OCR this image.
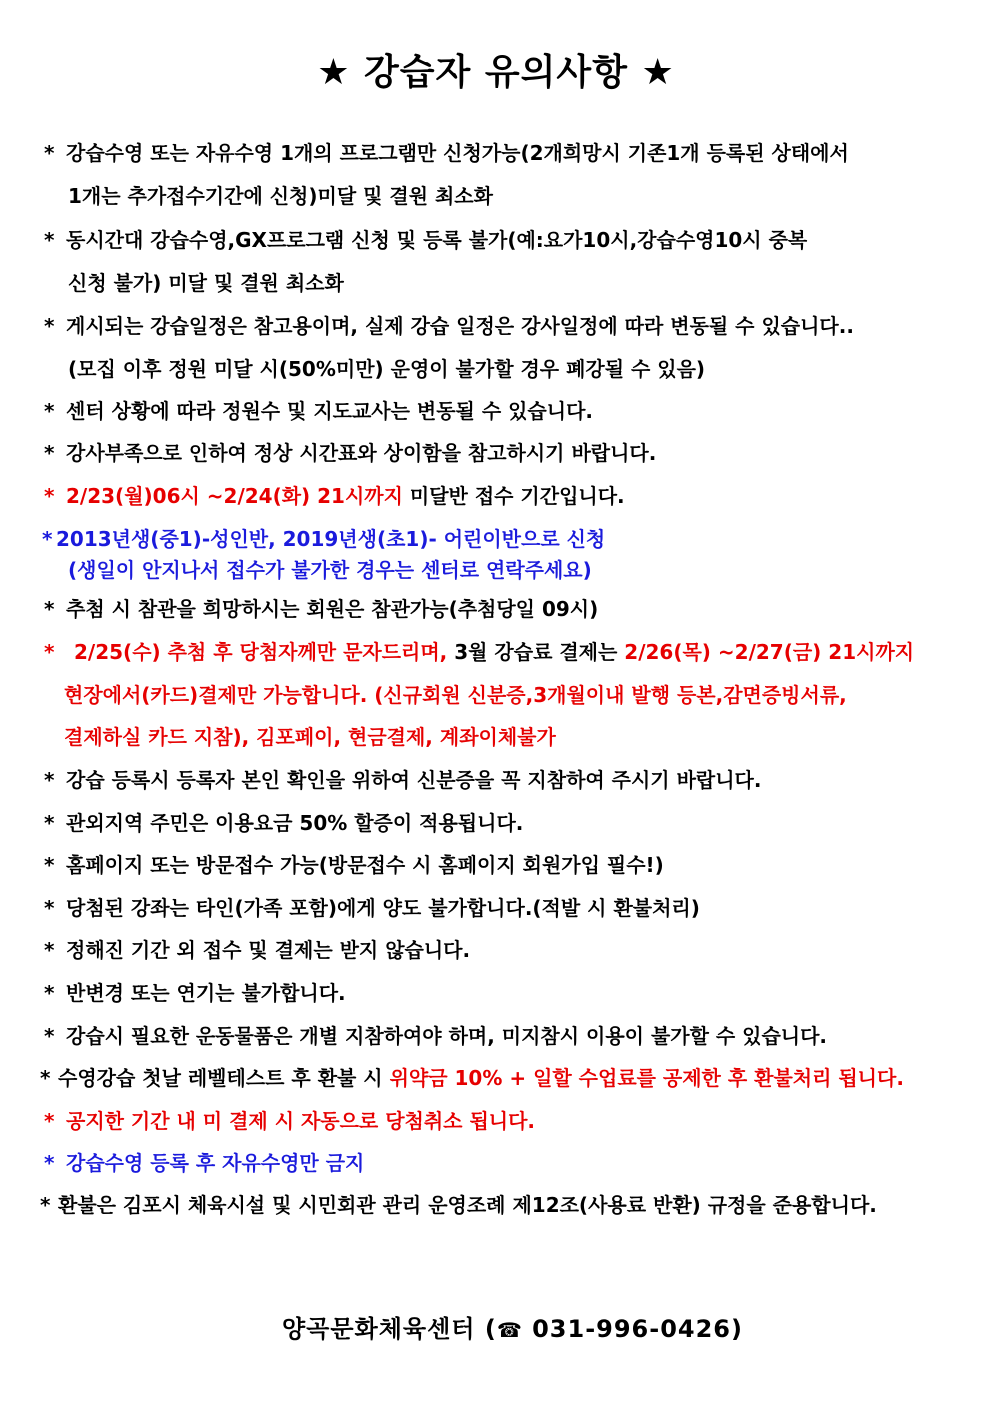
★ 강습자 유의사항 ★
* 강습수영 또는 자유수영 1개의 프로그램만 신청가능(2개희망시 기존1개 등록된 상태에서
1개는 추가접수기간에 신청)미달 및 결원 최소화
* 동시간대 강습수영,GX프로그램 신청 및 등록 불가(예:요가10시,강습수영10시 중복
신청 불가) 미달 및 결원 최소화
* 게시되는 강습일정은 참고용이며, 실제 강습 일정은 강사일정에 따라 변동될 수 있습니다..
(모집 이후 정원 미달 시(50%미만) 운영이 불가할 경우 폐강될 수 있음)
* 센터 상황에 따라 정원수 및 지도교사는 변동될 수 있습니다.
* 강사부족으로 인하여 정상 시간표와 상이함을 참고하시기 바랍니다.
* 2/23(월)06시 ~2/24(화) 21시까지 미달반 접수 기간입니다.
* 2013년생(중1)-성인반, 2019년생(초1)- 어린이반으로 신청
(생일이 안지나서 접수가 불가한 경우는 센터로 연락주세요)
* 추첨 시 참관을 희망하시는 회원은 참관가능(추첨당일 09시)
* 2/25(수) 추첨 후 당첨자께만 문자드리며, 3월 강습료 결제는 2/26(목) ~2/27(금) 21시까지
현장에서(카드)결제만 가능합니다. (신규회원 신분증,3개월이내 발행 등본,감면증빙서류,
결제하실 카드 지참), 김포페이, 현금결제, 계좌이체불가
* 강습 등록시 등록자 본인 확인을 위하여 신분증을 꼭 지참하여 주시기 바랍니다.
* 관외지역 주민은 이용요금 50% 할증이 적용됩니다.
* 홈페이지 또는 방문접수 가능(방문접수 시 홈페이지 회원가입 필수!)
* 당첨된 강좌는 타인(가족 포함)에게 양도 불가합니다.(적발 시 환불처리)
* 정해진 기간 외 접수 및 결제는 받지 않습니다.
* 반변경 또는 연기는 불가합니다.
* 강습시 필요한 운동물품은 개별 지참하여야 하며, 미지참시 이용이 불가할 수 있습니다.
* 수영강습 첫날 레벨테스트 후 환불 시 위약금 10% + 일할 수업료를 공제한 후 환불처리 됩니다.
* 공지한 기간 내 미 결제 시 자동으로 당첨취소 됩니다.
* 강습수영 등록 후 자유수영만 금지
* 환불은 김포시 체육시설 및 시민회관 관리 운영조례 제12조(사용료 반환) 규정을 준용합니다.
양곡문화체육센터 (☎ 031-996-0426)
